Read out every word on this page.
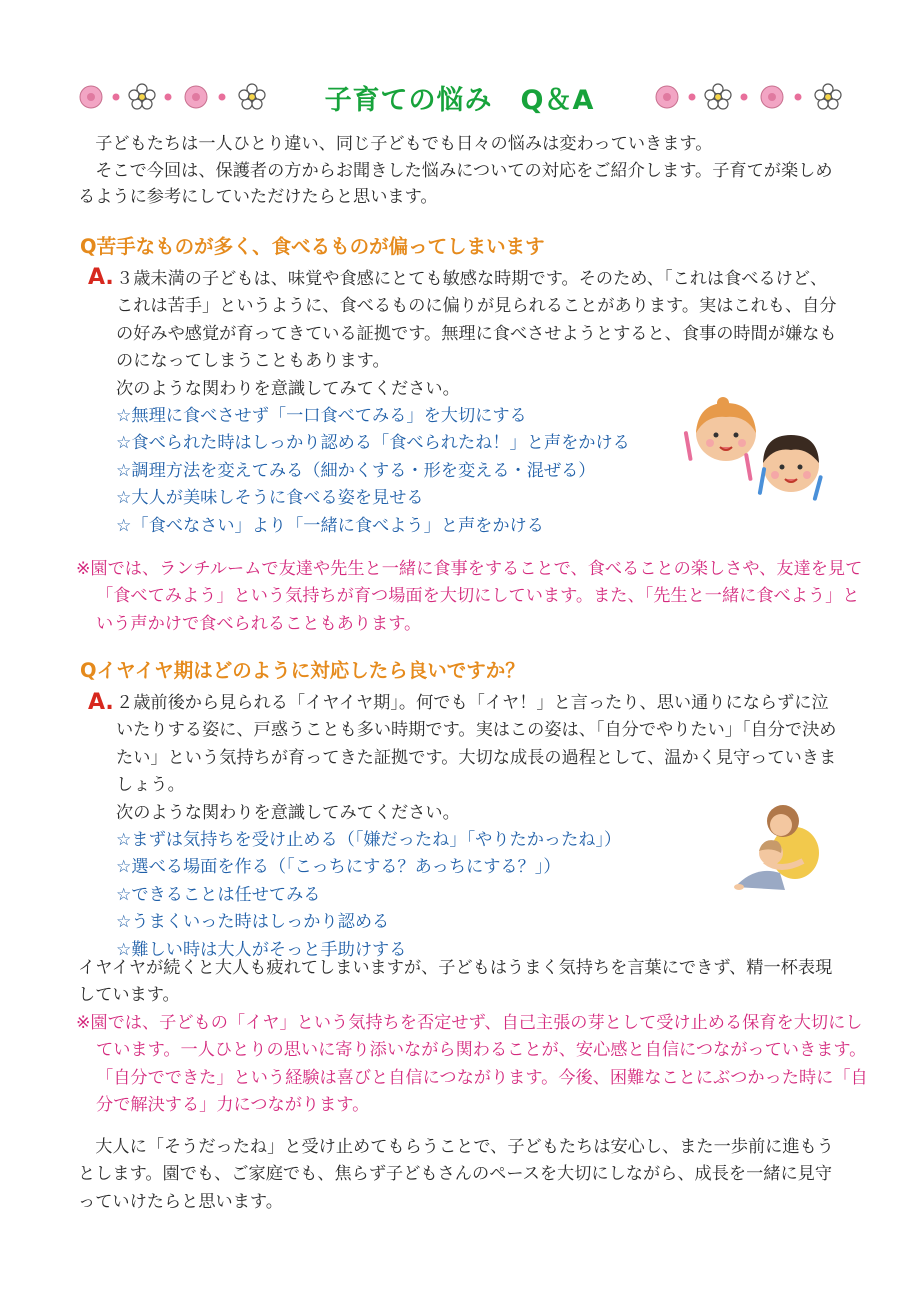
子育ての悩み　Q＆A

子どもたちは一人ひとり違い、同じ子どもでも日々の悩みは変わっていきます。

そこで今回は、保護者の方からお聞きした悩みについての対応をご紹介します。子育てが楽しめるように参考にしていただけたらと思います。

Q苦手なものが多く、食べるものが偏ってしまいます
A. ３歳未満の子どもは、味覚や食感にとても敏感な時期です。そのため、「これは食べるけど、これは苦手」というように、食べるものに偏りが見られることがあります。実はこれも、自分の好みや感覚が育ってきている証拠です。無理に食べさせようとすると、食事の時間が嫌なものになってしまうこともあります。

次のような関わりを意識してみてください。

☆無理に食べさせず「一口食べてみる」を大切にする
☆食べられた時はしっかり認める「食べられたね！」と声をかける
☆調理方法を変えてみる（細かくする・形を変える・混ぜる）
☆大人が美味しそうに食べる姿を見せる
☆「食べなさい」より「一緒に食べよう」と声をかける

※園では、ランチルームで友達や先生と一緒に食事をすることで、食べることの楽しさや、友達を見て「食べてみよう」という気持ちが育つ場面を大切にしています。また、「先生と一緒に食べよう」という声かけで食べられることもあります。

Qイヤイヤ期はどのように対応したら良いですか？
A. ２歳前後から見られる「イヤイヤ期」。何でも「イヤ！」と言ったり、思い通りにならずに泣いたりする姿に、戸惑うことも多い時期です。実はこの姿は、「自分でやりたい」「自分で決めたい」という気持ちが育ってきた証拠です。大切な成長の過程として、温かく見守っていきましょう。

次のような関わりを意識してみてください。

☆まずは気持ちを受け止める（「嫌だったね」「やりたかったね」）
☆選べる場面を作る（「こっちにする？あっちにする？」）
☆できることは任せてみる
☆うまくいった時はしっかり認める
☆難しい時は大人がそっと手助けする

イヤイヤが続くと大人も疲れてしまいますが、子どもはうまく気持ちを言葉にできず、精一杯表現しています。

※園では、子どもの「イヤ」という気持ちを否定せず、自己主張の芽として受け止める保育を大切にしています。一人ひとりの思いに寄り添いながら関わることが、安心感と自信につながっていきます。「自分でできた」という経験は喜びと自信につながります。今後、困難なことにぶつかった時に「自分で解決する」力につながります。

大人に「そうだったね」と受け止めてもらうことで、子どもたちは安心し、また一歩前に進もうとします。園でも、ご家庭でも、焦らず子どもさんのペースを大切にしながら、成長を一緒に見守っていけたらと思います。
